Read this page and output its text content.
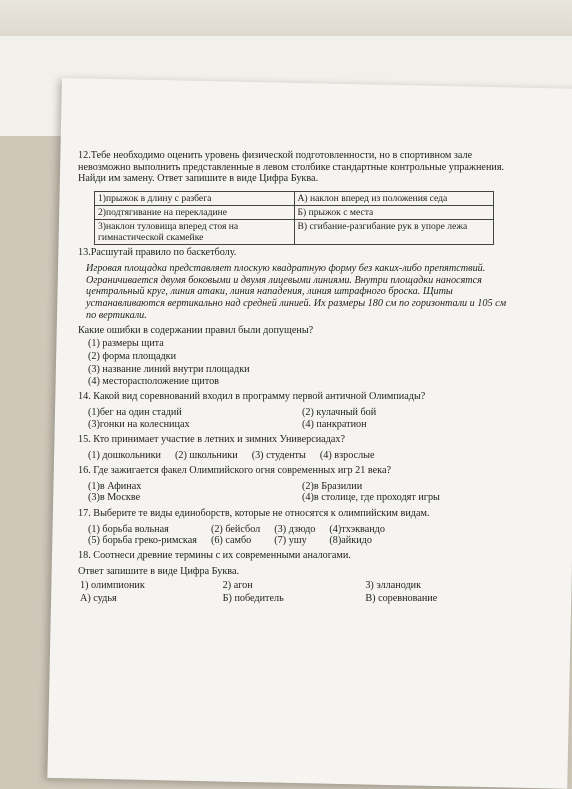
12.Тебе необходимо оценить уровень физической подготовленности, но в спортивном зале невозможно выполнить представленные в левом столбике стандартные контрольные упражнения. Найди им замену. Ответ запишите в виде Цифра Буква.
1)прыжок в длину с разбега	А) наклон вперед из положения седа
2)подтягивание на перекладине	Б) прыжок с места
3)наклон туловища вперед стоя на гимнастической скамейке	В) сгибание-разгибание рук в упоре лежа
13.Расшутай правило по баскетболу.
Игровая площадка представляет плоскую квадратную форму без каких-либо препятствий. Ограничивается двумя боковыми и двумя лицевыми линиями. Внутри площадки наносятся центральный круг, линия атаки, линия нападения, линия штрафного броска. Щиты устанавливаются вертикально над средней линией. Их размеры 180 см по горизонтали и 105 см по вертикали.
Какие ошибки в содержании правил были допущены?
(1) размеры щита
(2) форма площадки
(3) название линий внутри площадки
(4) месторасположение щитов
14. Какой вид соревнований входил в программу первой античной Олимпиады?
(1)бег на один стадий	(2) кулачный бой
(3)гонки на колесницах	(4) панкратион
15. Кто принимает участие в летних и зимних Универсиадах?
(1) дошкольники (2) школьники (3) студенты (4) взрослые
16. Где зажигается факел Олимпийского огня современных игр 21 века?
(1)в Афинах	(2)в Бразилии
(3)в Москве	(4)в столице, где проходят игры
17. Выберите те виды единоборств, которые не относятся к олимпийским видам.
(1) борьба вольная	(2) бейсбол (3) дзюдо (4)тхэквандо
(5) борьба греко-римская (6) самбо	(7) ушу	(8)айкидо
18. Соотнеси древние термины с их современными аналогами.
Ответ запишите в виде Цифра Буква.
1) олимпионик	2) агон	3) элланодик
А) судья	Б) победитель	В) соревнование
